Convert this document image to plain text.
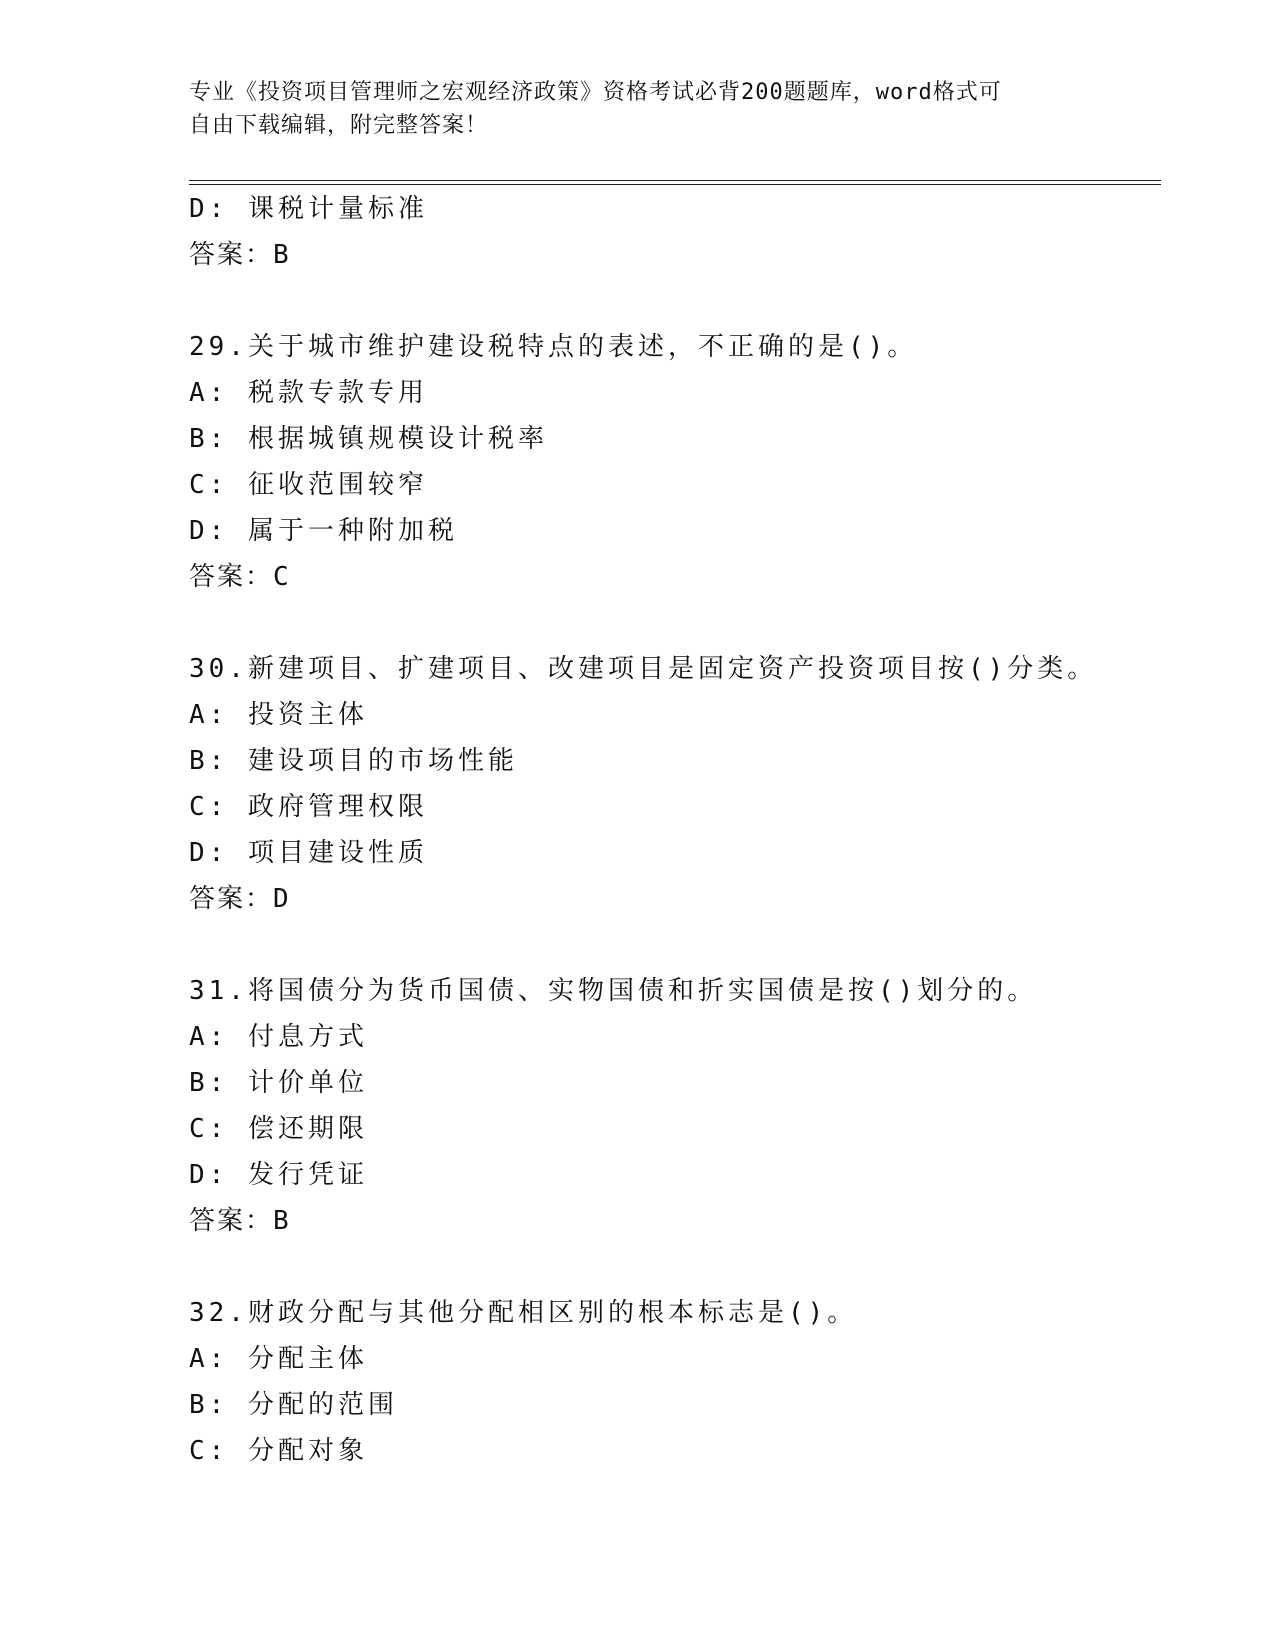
专业《投资项目管理师之宏观经济政策》资格考试必背200题题库，word格式可
自由下载编辑，附完整答案！
D: 课税计量标准
答案：B
29.关于城市维护建设税特点的表述，不正确的是()。
A: 税款专款专用
B: 根据城镇规模设计税率
C: 征收范围较窄
D: 属于一种附加税
答案：C
30.新建项目、扩建项目、改建项目是固定资产投资项目按()分类。
A: 投资主体
B: 建设项目的市场性能
C: 政府管理权限
D: 项目建设性质
答案：D
31.将国债分为货币国债、实物国债和折实国债是按()划分的。
A: 付息方式
B: 计价单位
C: 偿还期限
D: 发行凭证
答案：B
32.财政分配与其他分配相区别的根本标志是()。
A: 分配主体
B: 分配的范围
C: 分配对象
